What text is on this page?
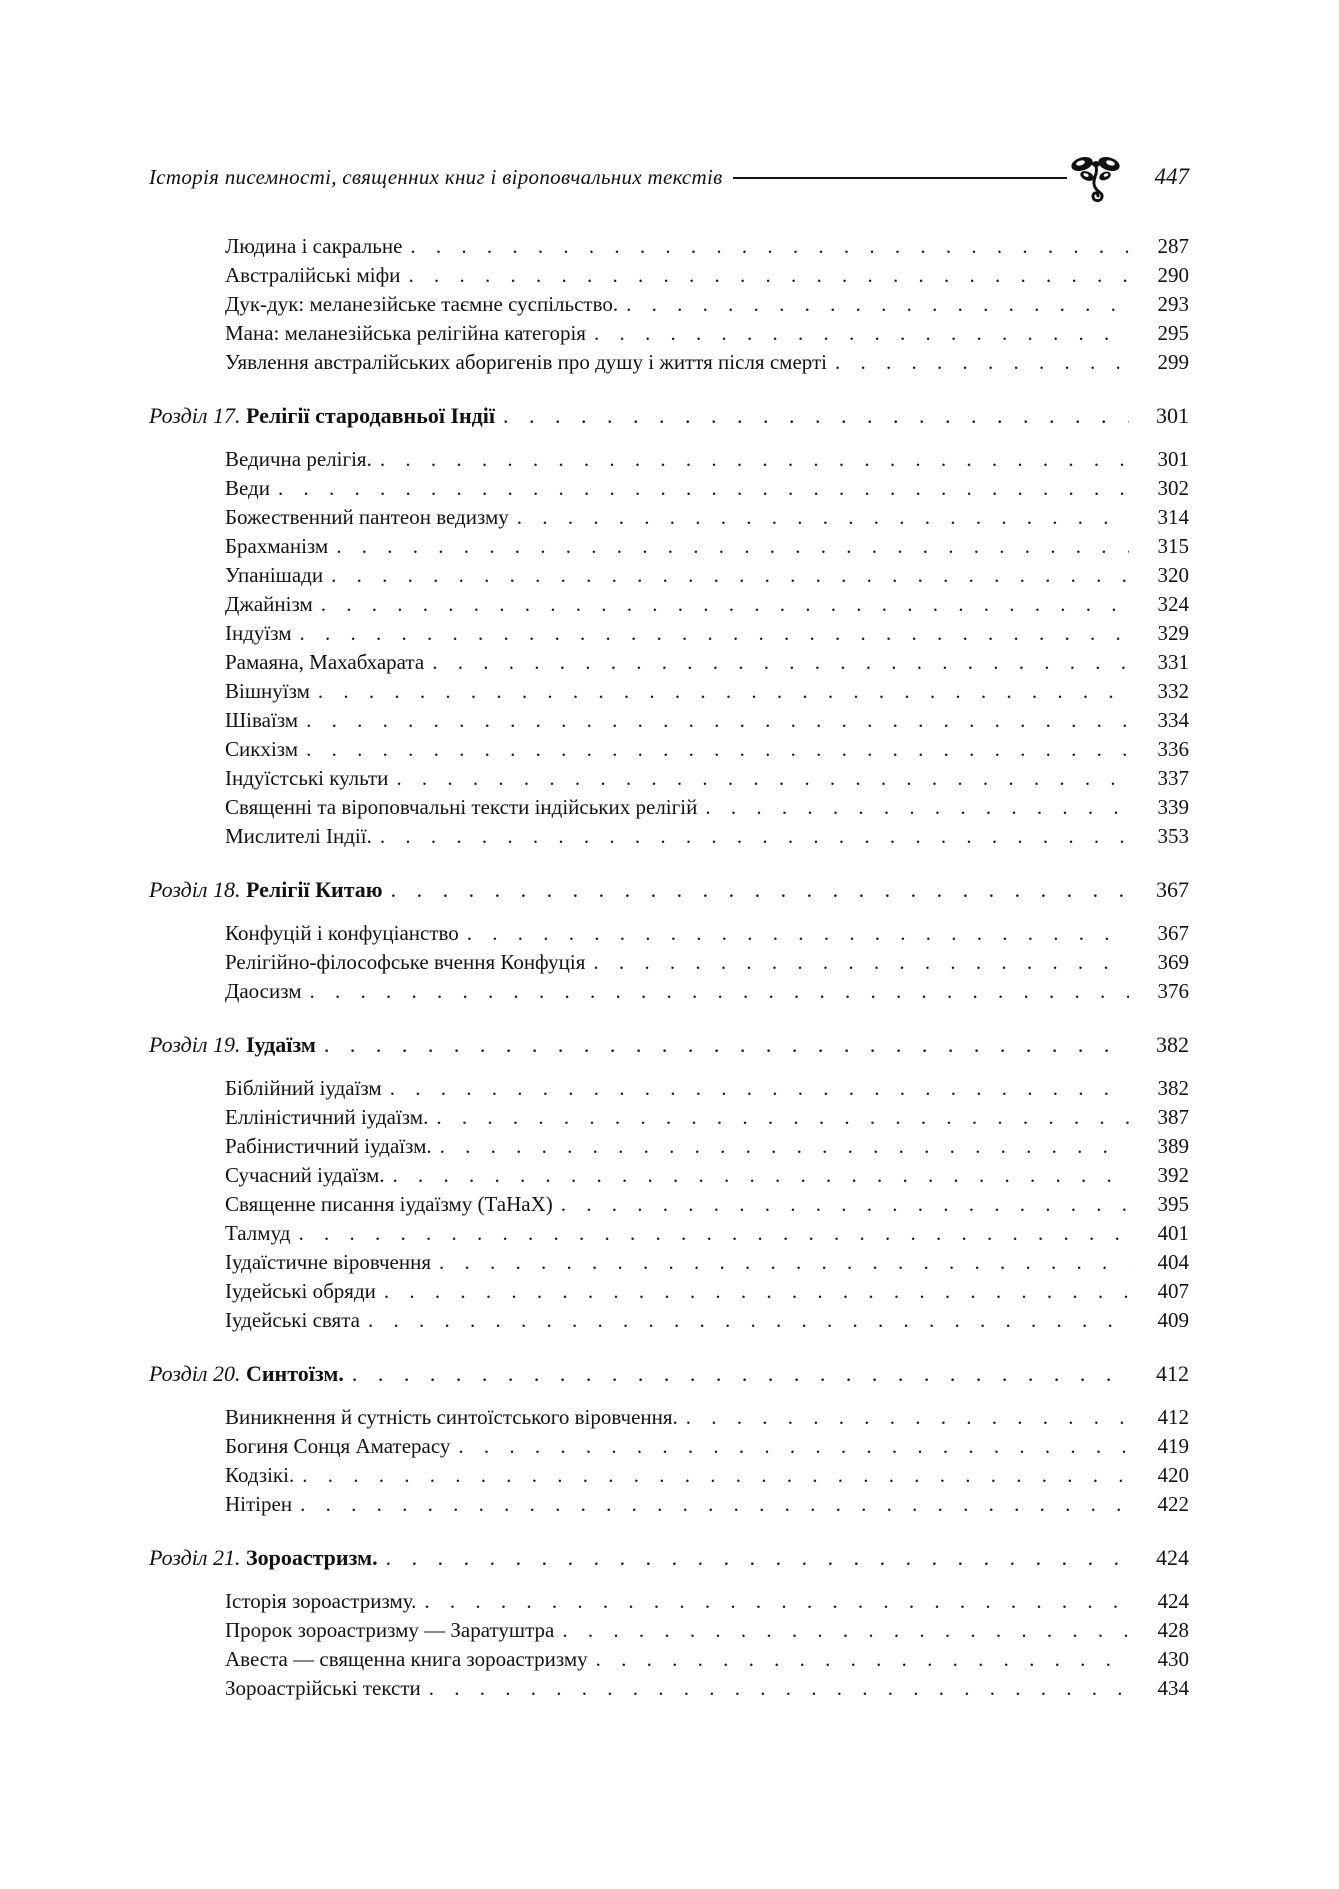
Історія писемності, священних книг і віроповчальних текстів	447
Людина і сакральне . . .	287
Австралійські міфи . . .	290
Дук-дук: меланезійське таємне суспільство. . . .	293
Мана: меланезійська релігійна категорія . . .	295
Уявлення австралійських аборигенів про душу і життя після смерті . . .	299
Розділ 17. Релігії стародавньої Індії . . .	301
Ведична релігія. . . .	301
Веди . . .	302
Божественний пантеон ведизму . . .	314
Брахманізм . . .	315
Упанішади . . .	320
Джайнізм . . .	324
Індуїзм . . .	329
Рамаяна, Махабхарата . . .	331
Вішнуїзм . . .	332
Шіваїзм . . .	334
Сикхізм . . .	336
Індуїстські культи . . .	337
Священні та віроповчальні тексти індійських релігій . . .	339
Мислителі Індії. . . .	353
Розділ 18. Релігії Китаю . . .	367
Конфуцій і конфуціанство . . .	367
Релігійно-філософське вчення Конфуція . . .	369
Даосизм . . .	376
Розділ 19. Іудаїзм . . .	382
Біблійний іудаїзм . . .	382
Елліністичний іудаїзм. . . .	387
Рабінистичний іудаїзм. . . .	389
Сучасний іудаїзм. . . .	392
Священне писання іудаїзму (ТаНаХ) . . .	395
Талмуд . . .	401
Іудаїстичне віровчення . . .	404
Іудейські обряди . . .	407
Іудейські свята . . .	409
Розділ 20. Синтоїзм. . . .	412
Виникнення й сутність синтоїстського віровчення. . . .	412
Богиня Сонця Аматерасу . . .	419
Кодзікі. . . .	420
Нітірен . . .	422
Розділ 21. Зороастризм. . . .	424
Історія зороастризму. . . .	424
Пророк зороастризму — Заратуштра . . .	428
Авеста — священна книга зороастризму . . .	430
Зороастрійські тексти . . .	434
